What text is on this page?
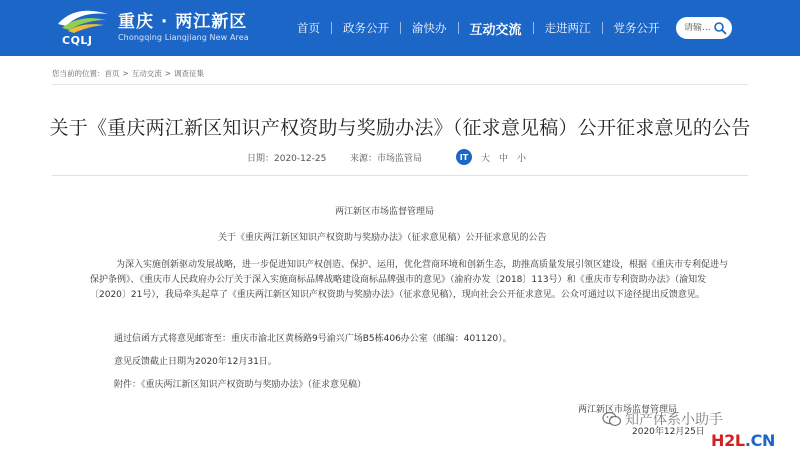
CQLJ
重庆 · 两江新区
Chongqing Liangjiang New Area
首页	政务公开	渝快办	互动交流	走进两江	党务公开
请输...
您当前的位置： 首页 > 互动交流 > 调查征集
关于《重庆两江新区知识产权资助与奖励办法》（征求意见稿）公开征求意见的公告
日期：2020-12-25	来源：市场监管局	IT	大 中 小
两江新区市场监督管理局
关于《重庆两江新区知识产权资助与奖励办法》（征求意见稿）公开征求意见的公告
为深入实施创新驱动发展战略，进一步促进知识产权创造、保护、运用，优化营商环境和创新生态，助推高质量发展引领区建设，根据《重庆市专利促进与保护条例》、《重庆市人民政府办公厅关于深入实施商标品牌战略建设商标品牌强市的意见》（渝府办发〔2018〕113号）和《重庆市专利资助办法》（渝知发〔2020〕21号），我局牵头起草了《重庆两江新区知识产权资助与奖励办法》（征求意见稿），现向社会公开征求意见。公众可通过以下途径提出反馈意见。
通过信函方式将意见邮寄至：重庆市渝北区黄杨路9号渝兴广场B5栋406办公室（邮编：401120）。
意见反馈截止日期为2020年12月31日。
附件：《重庆两江新区知识产权资助与奖励办法》（征求意见稿）
两江新区市场监督管理局
2020年12月25日
知产体系小助手
H2L.CN
